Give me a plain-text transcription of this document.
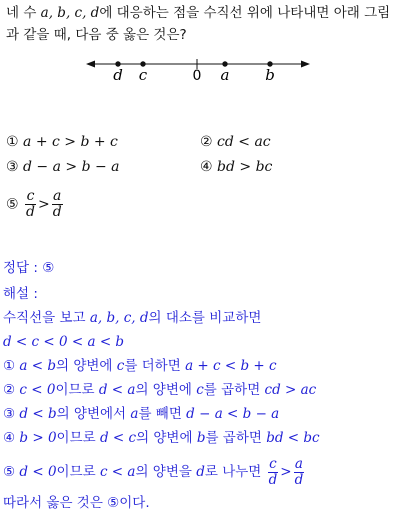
네 수 a, b, c, d에 대응하는 점을 수직선 위에 나타내면 아래 그림과 같을 때, 다음 중 옳은 것은?
d c	0 a b
① a + c > b + c	② cd < ac
③ d − a > b − a	④ bd > bc
⑤ $\frac{c}{d} > \frac{a}{d}$
정답 : ⑤
해설 :
수직선을 보고 a, b, c, d의 대소를 비교하면
d < c < 0 < a < b
① a < b의 양변에 c를 더하면 a + c < b + c
② c < 0이므로 d < a의 양변에 c를 곱하면 cd > ac
③ d < b의 양변에서 a를 빼면 d − a < b − a
④ b > 0이므로 d < c의 양변에 b를 곱하면 bd < bc
⑤ d < 0이므로 c < a의 양변을 d로 나누면 $\frac{c}{d} > \frac{a}{d}$
따라서 옳은 것은 ⑤이다.
